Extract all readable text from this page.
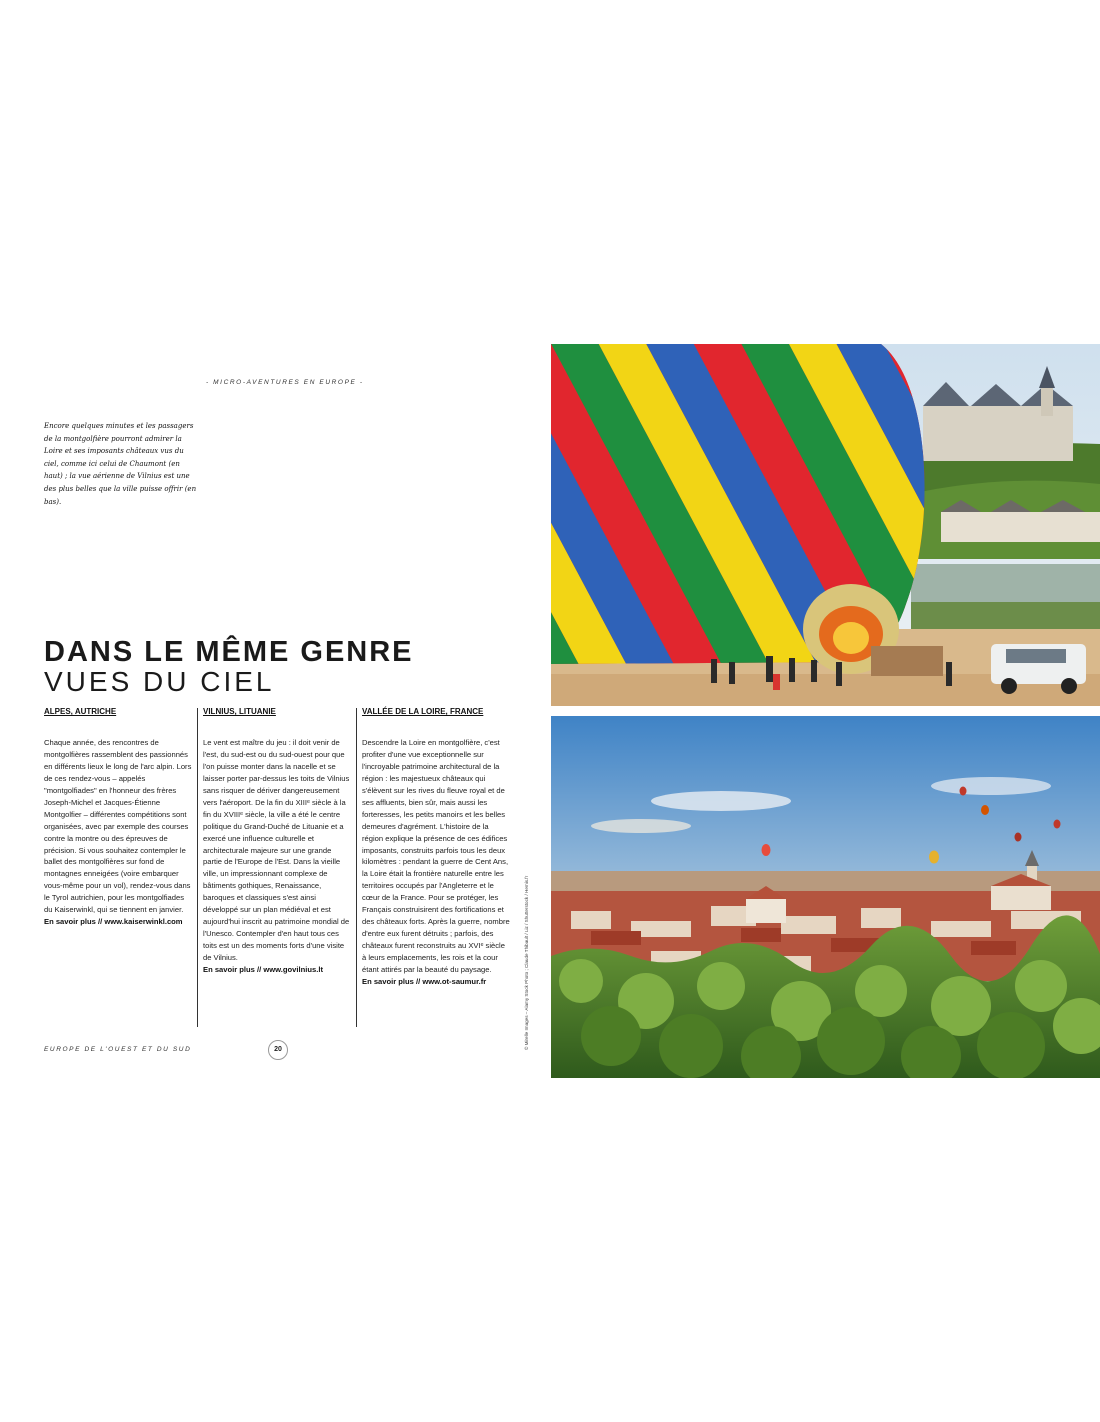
- MICRO-AVENTURES EN EUROPE -
Encore quelques minutes et les passagers de la montgolfière pourront admirer la Loire et ses imposants châteaux vus du ciel, comme ici celui de Chaumont (en haut) ; la vue aérienne de Vilnius est une des plus belles que la ville puisse offrir (en bas).
DANS LE MÊME GENRE
VUES DU CIEL
ALPES, AUTRICHE
Chaque année, des rencontres de montgolfières rassemblent des passionnés en différents lieux le long de l'arc alpin. Lors de ces rendez-vous – appelés "montgolfiades" en l'honneur des frères Joseph-Michel et Jacques-Étienne Montgolfier – différentes compétitions sont organisées, avec par exemple des courses contre la montre ou des épreuves de précision. Si vous souhaitez contempler le ballet des montgolfières sur fond de montagnes enneigées (voire embarquer vous-même pour un vol), rendez-vous dans le Tyrol autrichien, pour les montgolfiades du Kaiserwinkl, qui se tiennent en janvier.
En savoir plus // www.kaiserwinkl.com
VILNIUS, LITUANIE
Le vent est maître du jeu : il doit venir de l'est, du sud-est ou du sud-ouest pour que l'on puisse monter dans la nacelle et se laisser porter par-dessus les toits de Vilnius sans risquer de dériver dangereusement vers l'aéroport. De la fin du XIIIᵉ siècle à la fin du XVIIIᵉ siècle, la ville a été le centre politique du Grand-Duché de Lituanie et a exercé une influence culturelle et architecturale majeure sur une grande partie de l'Europe de l'Est. Dans la vieille ville, un impressionnant complexe de bâtiments gothiques, Renaissance, baroques et classiques s'est ainsi développé sur un plan médiéval et est aujourd'hui inscrit au patrimoine mondial de l'Unesco. Contempler d'en haut tous ces toits est un des moments forts d'une visite de Vilnius.
En savoir plus // www.govilnius.lt
VALLÉE DE LA LOIRE, FRANCE
Descendre la Loire en montgolfière, c'est profiter d'une vue exceptionnelle sur l'incroyable patrimoine architectural de la région : les majestueux châteaux qui s'élèvent sur les rives du fleuve royal et de ses affluents, bien sûr, mais aussi les forteresses, les petits manoirs et les belles demeures d'agrément. L'histoire de la région explique la présence de ces édifices imposants, construits parfois tous les deux kilomètres : pendant la guerre de Cent Ans, la Loire était la frontière naturelle entre les territoires occupés par l'Angleterre et le cœur de la France. Pour se protéger, les Français construisirent des fortifications et des châteaux forts. Après la guerre, nombre d'entre eux furent détruits ; parfois, des châteaux furent reconstruits au XVIᵉ siècle à leurs emplacements, les rois et la cour étant attirés par la beauté du paysage.
En savoir plus // www.ot-saumur.fr
EUROPE DE L'OUEST ET DU SUD	20	© Mirelle Images – Alamy Stock Photo ; Claude Thibault / Liz / Shutterstock / Hemis.fr
